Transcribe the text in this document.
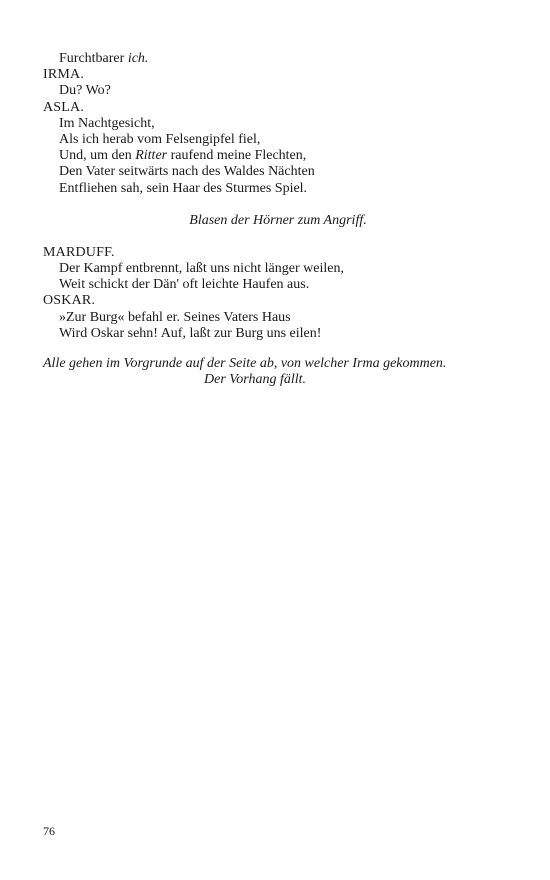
Furchtbarer ich.
IRMA.
Du? Wo?
ASLA.
Im Nachtgesicht,
Als ich herab vom Felsengipfel fiel,
Und, um den Ritter raufend meine Flechten,
Den Vater seitwärts nach des Waldes Nächten
Entfliehen sah, sein Haar des Sturmes Spiel.
Blasen der Hörner zum Angriff.
MARDUFF.
Der Kampf entbrennt, laßt uns nicht länger weilen,
Weit schickt der Dän' oft leichte Haufen aus.
OSKAR.
»Zur Burg« befahl er. Seines Vaters Haus
Wird Oskar sehn! Auf, laßt zur Burg uns eilen!
Alle gehen im Vorgrunde auf der Seite ab, von welcher Irma gekommen.
Der Vorhang fällt.
76
